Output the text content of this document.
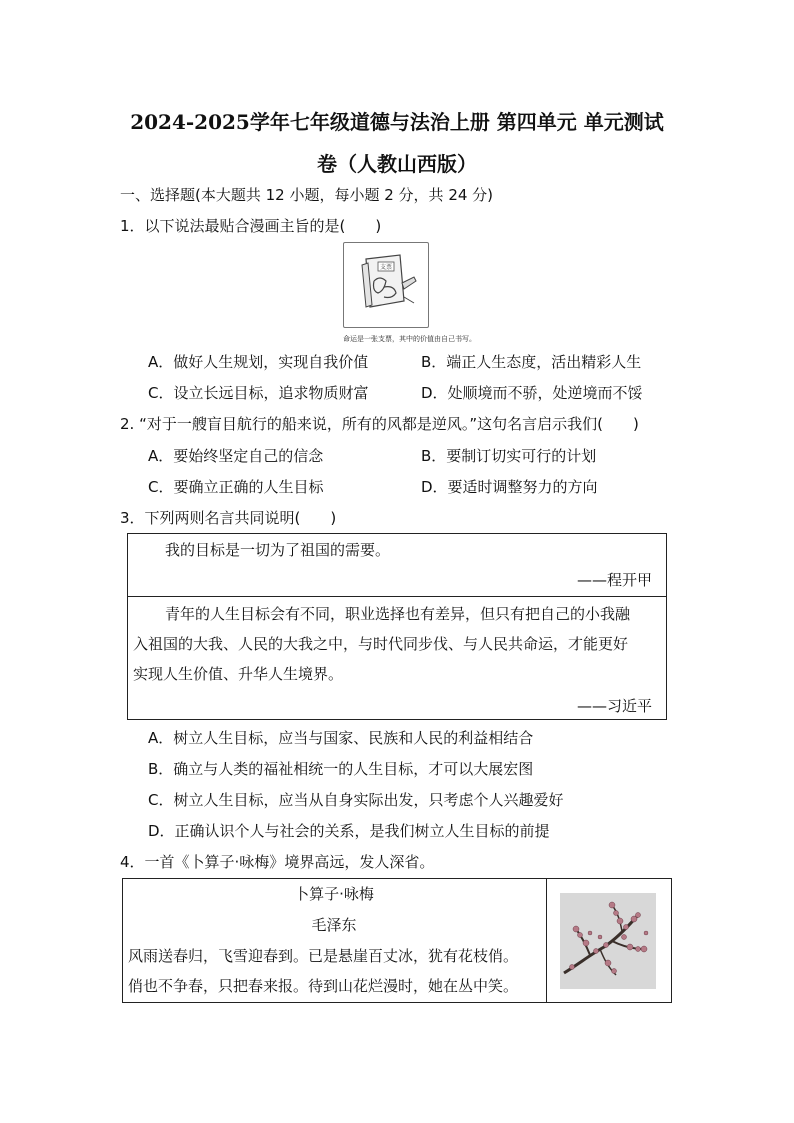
2024-2025学年七年级道德与法治上册 第四单元 单元测试
卷（人教山西版）
一、选择题(本大题共 12 小题，每小题 2 分，共 24 分)
1．以下说法最贴合漫画主旨的是(　　)
支票
命运是一张支票，其中的价值由自己书写。
A．做好人生规划，实现自我价值	B．端正人生态度，活出精彩人生
C．设立长远目标，追求物质财富	D．处顺境而不骄，处逆境而不馁
2. “对于一艘盲目航行的船来说，所有的风都是逆风。”这句名言启示我们(　　)
A．要始终坚定自己的信念	B．要制订切实可行的计划
C．要确立正确的人生目标	D．要适时调整努力的方向
3．下列两则名言共同说明(　　)
我的目标是一切为了祖国的需要。
——程开甲
青年的人生目标会有不同，职业选择也有差异，但只有把自己的小我融
入祖国的大我、人民的大我之中，与时代同步伐、与人民共命运，才能更好
实现人生价值、升华人生境界。
——习近平
A．树立人生目标，应当与国家、民族和人民的利益相结合
B．确立与人类的福祉相统一的人生目标，才可以大展宏图
C．树立人生目标，应当从自身实际出发，只考虑个人兴趣爱好
D．正确认识个人与社会的关系，是我们树立人生目标的前提
4．一首《卜算子·咏梅》境界高远，发人深省。
卜算子·咏梅
毛泽东
风雨送春归，飞雪迎春到。已是悬崖百丈冰，犹有花枝俏。
俏也不争春，只把春来报。待到山花烂漫时，她在丛中笑。
